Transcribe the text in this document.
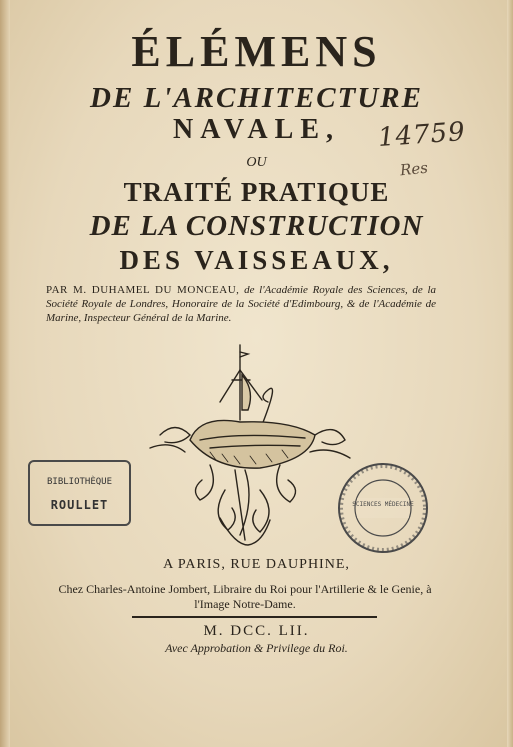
ÉLÉMENS
DE L'ARCHITECTURE
NAVALE,
OU
TRAITÉ PRATIQUE
DE LA CONSTRUCTION
DES VAISSEAUX,
14759
Res
PAR M. DUHAMEL DU MONCEAU, de l'Académie Royale des Sciences, de la Société Royale de Londres, Honoraire de la Société d'Edimbourg, & de l'Académie de Marine, Inspecteur Général de la Marine.
BIBLIOTHÈQUE
ROULLET	SCIENCES MÉDECINE
A PARIS, RUE DAUPHINE,
Chez Charles-Antoine Jombert, Libraire du Roi pour l'Artillerie & le Genie, à l'Image Notre-Dame.
M. DCC. LII.
Avec Approbation & Privilege du Roi.
